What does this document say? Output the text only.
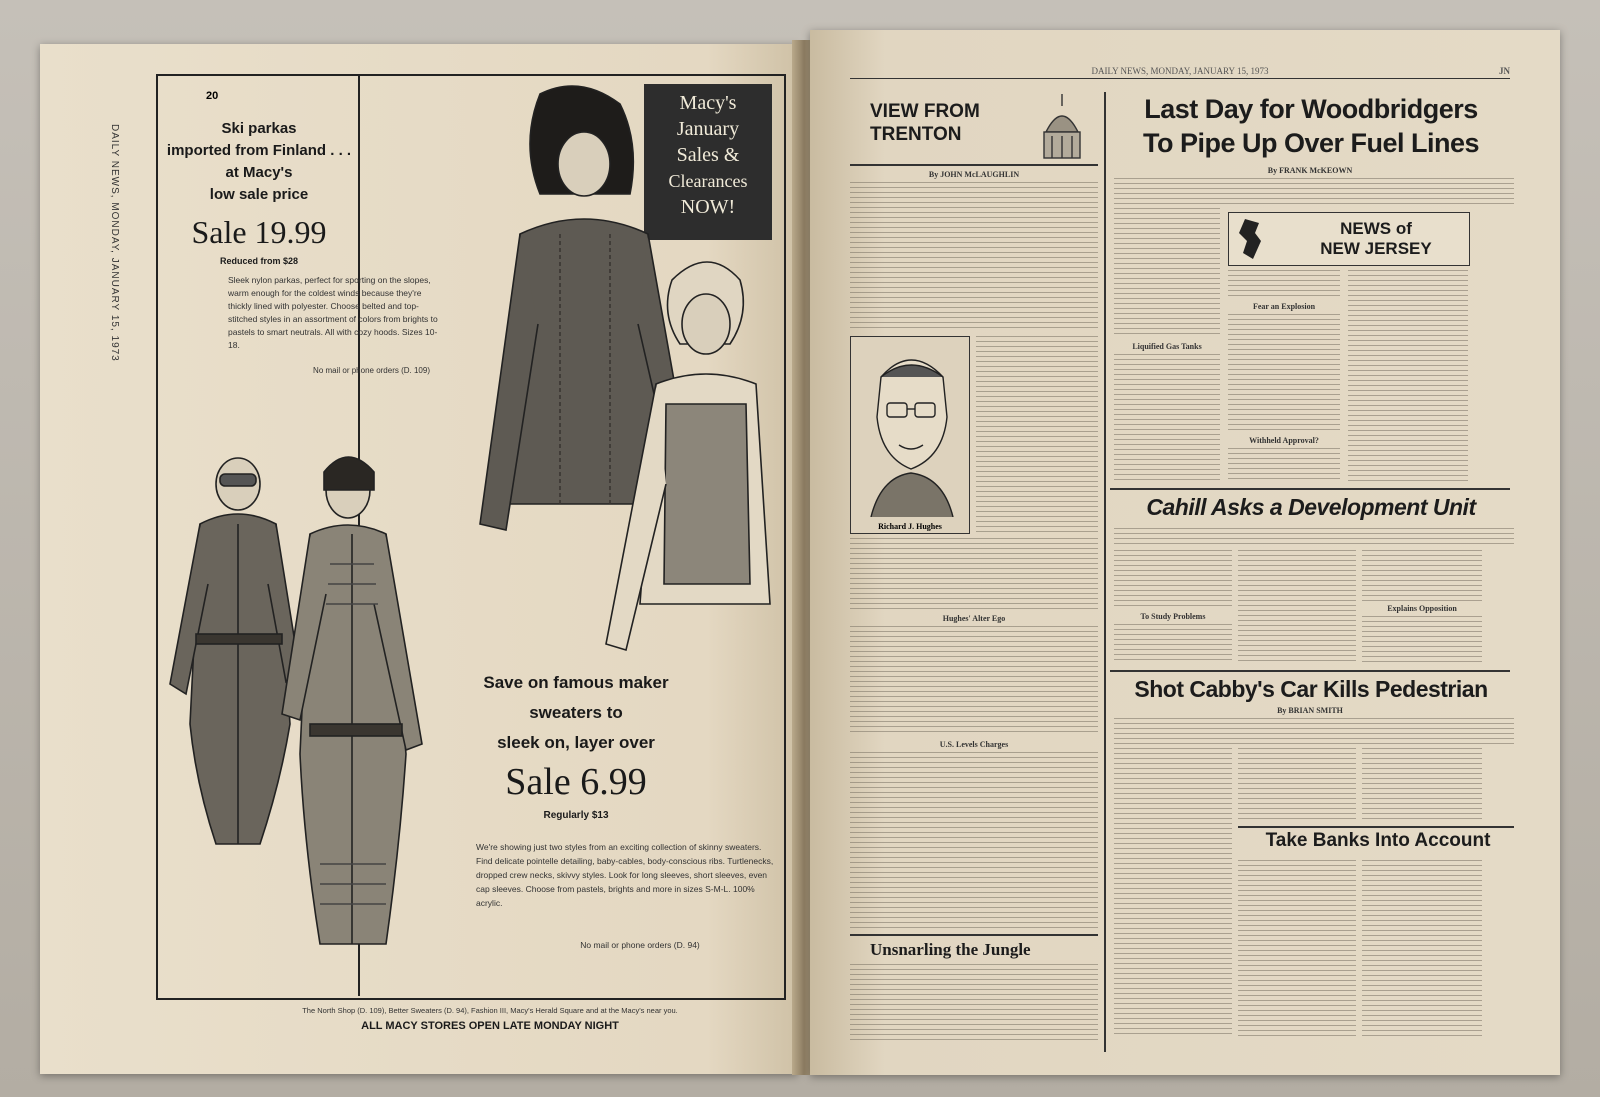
DAILY NEWS, MONDAY, JANUARY 15, 1973
20
Ski parkas
imported from Finland . . .
at Macy's
low sale price
Sale 19.99
Reduced from $28
Sleek nylon parkas, perfect for sporting on the slopes, warm enough for the coldest winds because they're thickly lined with polyester. Choose belted and top-stitched styles in an assortment of colors from brights to pastels to smart neutrals. All with cozy hoods. Sizes 10-18.
No mail or phone orders (D. 109)
Macy's
January
Sales &
Clearances
NOW!
Save on famous maker
sweaters to
sleek on, layer over
Sale 6.99
Regularly $13
We're showing just two styles from an exciting collection of skinny sweaters. Find delicate pointelle detailing, baby-cables, body-conscious ribs. Turtlenecks, dropped crew necks, skivvy styles. Look for long sleeves, short sleeves, even cap sleeves. Choose from pastels, brights and more in sizes S-M-L. 100% acrylic.
No mail or phone orders (D. 94)
The North Shop (D. 109), Better Sweaters (D. 94), Fashion III, Macy's Herald Square and at the Macy's near you.
ALL MACY STORES OPEN LATE MONDAY NIGHT
DAILY NEWS, MONDAY, JANUARY 15, 1973	JN
VIEW FROM
TRENTON
By JOHN McLAUGHLIN
Richard J. Hughes
Hughes' Alter Ego
U.S. Levels Charges
Unsnarling the Jungle
Last Day for Woodbridgers
To Pipe Up Over Fuel Lines
By FRANK McKEOWN
Liquified Gas Tanks
NEWS of
NEW JERSEY
Fear an Explosion
Withheld Approval?
Cahill Asks a Development Unit
To Study Problems
Explains Opposition
Shot Cabby's Car Kills Pedestrian
By BRIAN SMITH
Take Banks Into Account
